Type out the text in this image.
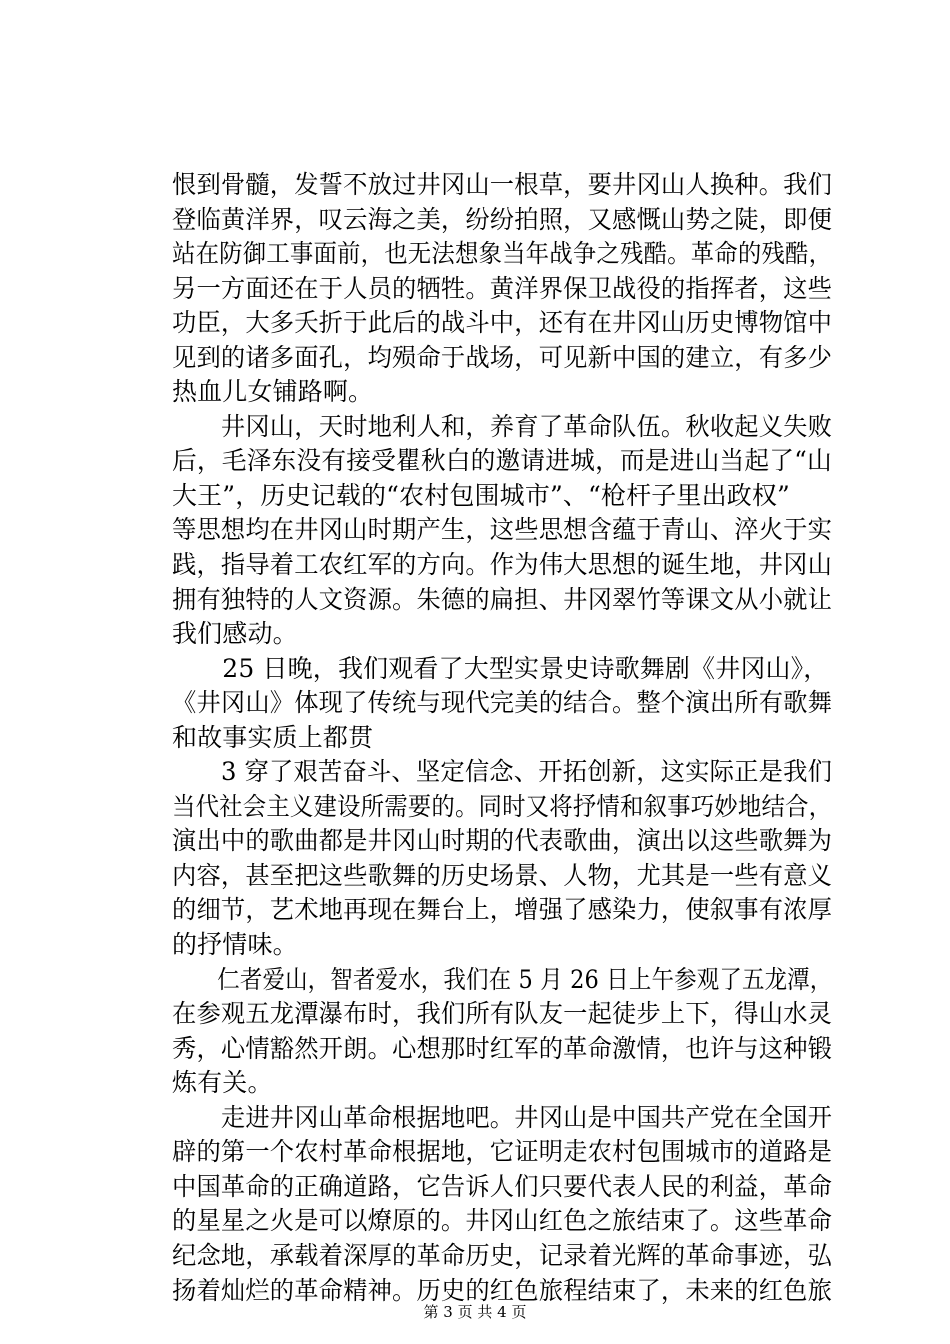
恨到骨髓，发誓不放过井冈山一根草，要井冈山人换种。我们
登临黄洋界，叹云海之美，纷纷拍照，又感慨山势之陡，即便
站在防御工事面前，也无法想象当年战争之残酷。革命的残酷，
另一方面还在于人员的牺牲。黄洋界保卫战役的指挥者，这些
功臣，大多夭折于此后的战斗中，还有在井冈山历史博物馆中
见到的诸多面孔，均殒命于战场，可见新中国的建立，有多少
热血儿女铺路啊。
　　井冈山，天时地利人和，养育了革命队伍。秋收起义失败
后，毛泽东没有接受瞿秋白的邀请进城，而是进山当起了“山
大王”，历史记载的“农村包围城市”、“枪杆子里出政权”
等思想均在井冈山时期产生，这些思想含蕴于青山、淬火于实
践，指导着工农红军的方向。作为伟大思想的诞生地，井冈山
拥有独特的人文资源。朱德的扁担、井冈翠竹等课文从小就让
我们感动。
　　25 日晚，我们观看了大型实景史诗歌舞剧《井冈山》，
《井冈山》体现了传统与现代完美的结合。整个演出所有歌舞
和故事实质上都贯
　　3 穿了艰苦奋斗、坚定信念、开拓创新，这实际正是我们
当代社会主义建设所需要的。同时又将抒情和叙事巧妙地结合，
演出中的歌曲都是井冈山时期的代表歌曲，演出以这些歌舞为
内容，甚至把这些歌舞的历史场景、人物，尤其是一些有意义
的细节，艺术地再现在舞台上，增强了感染力，使叙事有浓厚
的抒情味。
　　仁者爱山，智者爱水，我们在 5 月 26 日上午参观了五龙潭，
在参观五龙潭瀑布时，我们所有队友一起徒步上下，得山水灵
秀，心情豁然开朗。心想那时红军的革命激情，也许与这种锻
炼有关。
　　走进井冈山革命根据地吧。井冈山是中国共产党在全国开
辟的第一个农村革命根据地，它证明走农村包围城市的道路是
中国革命的正确道路，它告诉人们只要代表人民的利益，革命
的星星之火是可以燎原的。井冈山红色之旅结束了。这些革命
纪念地，承载着深厚的革命历史，记录着光辉的革命事迹，弘
扬着灿烂的革命精神。历史的红色旅程结束了，未来的红色旅
第 3 页 共 4 页
